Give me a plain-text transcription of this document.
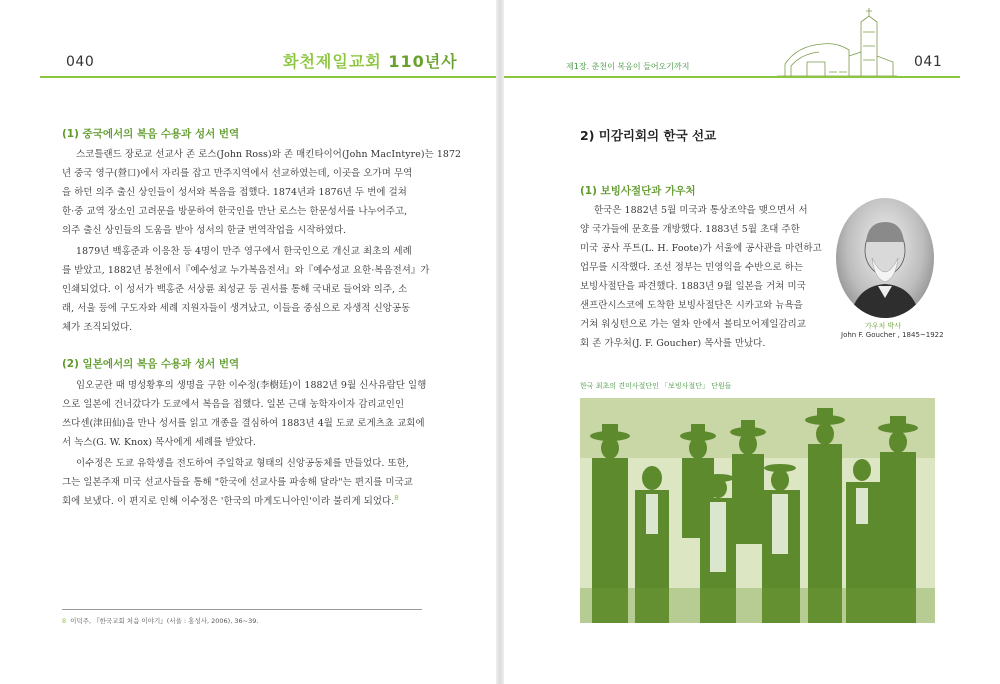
040	화천제일교회 110년사	제1장. 춘천이 복음이 들어오기까지	041
(1) 중국에서의 복음 수용과 성서 번역
스코틀랜드 장로교 선교사 존 로스(John Ross)와 존 매킨타이어(John MacIntyre)는 1872
년 중국 영구(營口)에서 자리를 잡고 만주지역에서 선교하였는데, 이곳을 오가며 무역
을 하던 의주 출신 상인들이 성서와 복음을 접했다. 1874년과 1876년 두 번에 걸쳐
한·중 교역 장소인 고려문을 방문하여 한국인을 만난 로스는 한문성서를 나누어주고,
의주 출신 상인들의 도움을 받아 성서의 한글 번역작업을 시작하였다.
1879년 백홍준과 이응찬 등 4명이 만주 영구에서 한국인으로 개신교 최초의 세례
를 받았고, 1882년 봉천에서『예수성교 누가복음전셔』와『예수성교 요한·복음전셔』가
인쇄되었다. 이 성서가 백홍준 서상륜 최성균 등 권서를 통해 국내로 들어와 의주, 소
래, 서울 등에 구도자와 세례 지원자들이 생겨났고, 이들을 중심으로 자생적 신앙공동
체가 조직되었다.
(2) 일본에서의 복음 수용과 성서 번역
임오군란 때 명성황후의 생명을 구한 이수정(李樹廷)이 1882년 9월 신사유람단 일행
으로 일본에 건너갔다가 도쿄에서 복음을 접했다. 일본 근대 농학자이자 감리교인인
쓰다센(津田仙)을 만나 성서를 읽고 개종을 결심하여 1883년 4월 도쿄 로게츠쵸 교회에
서 녹스(G. W. Knox) 목사에게 세례를 받았다.
이수정은 도쿄 유학생을 전도하여 주일학교 형태의 신앙공동체를 만들었다. 또한,
그는 일본주재 미국 선교사들을 통해 "한국에 선교사를 파송해 달라"는 편지를 미국교
회에 보냈다. 이 편지로 인해 이수정은 '한국의 마게도니아인'이라 불리게 되었다.$^8$
8 이덕주, 『한국교회 처음 이야기』(서울 : 홍성사, 2006), 36~39.
2) 미감리회의 한국 선교
(1) 보빙사절단과 가우처
한국은 1882년 5월 미국과 통상조약을 맺으면서 서
양 국가들에 문호를 개방했다. 1883년 5월 초대 주한
미국 공사 푸트(L. H. Foote)가 서울에 공사관을 마련하고
업무를 시작했다. 조선 정부는 민영익을 수반으로 하는
보빙사절단을 파견했다. 1883년 9월 일본을 거쳐 미국
샌프란시스코에 도착한 보빙사절단은 시카고와 뉴욕을
거쳐 워싱턴으로 가는 열차 안에서 볼티모어제일감리교
회 존 가우처(J. F. Goucher) 목사를 만났다.
가우처 박사
John F. Goucher , 1845~1922
한국 최초의 견미사절단인 「보빙사절단」 단원들
